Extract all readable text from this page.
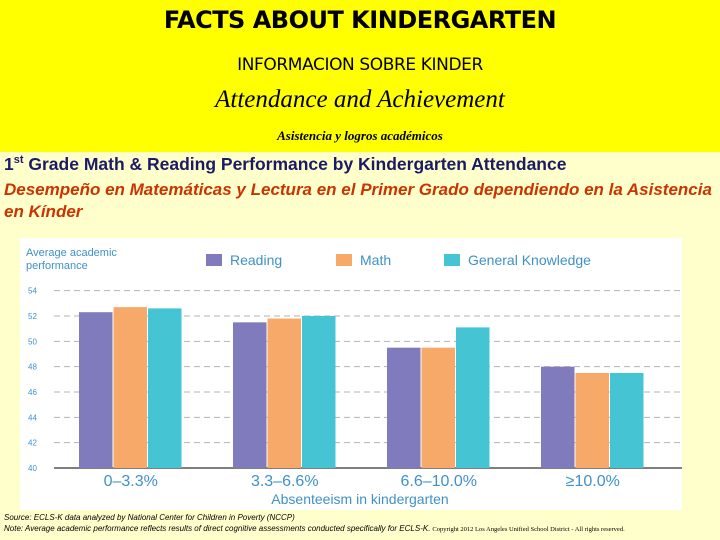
FACTS ABOUT KINDERGARTEN
INFORMACION SOBRE KINDER
Attendance and Achievement
Asistencia y logros académicos
1st Grade Math & Reading Performance by Kindergarten Attendance
Desempeño en Matemáticas y Lectura en el Primer Grado dependiendo en la Asistencia en Kínder
Average academic
performance	Reading	Math	General Knowledge
40
42
44
46
48
50
52
54
0–3.3%	3.3–6.6%	6.6–10.0%	≥10.0%
Absenteeism in kindergarten
Source: ECLS-K data analyzed by National Center for Children in Poverty (NCCP)
Note: Average academic performance reflects results of direct cognitive assessments conducted specifically for ECLS-K. Copyright 2012 Los Angeles Unified School District - All rights reserved.
